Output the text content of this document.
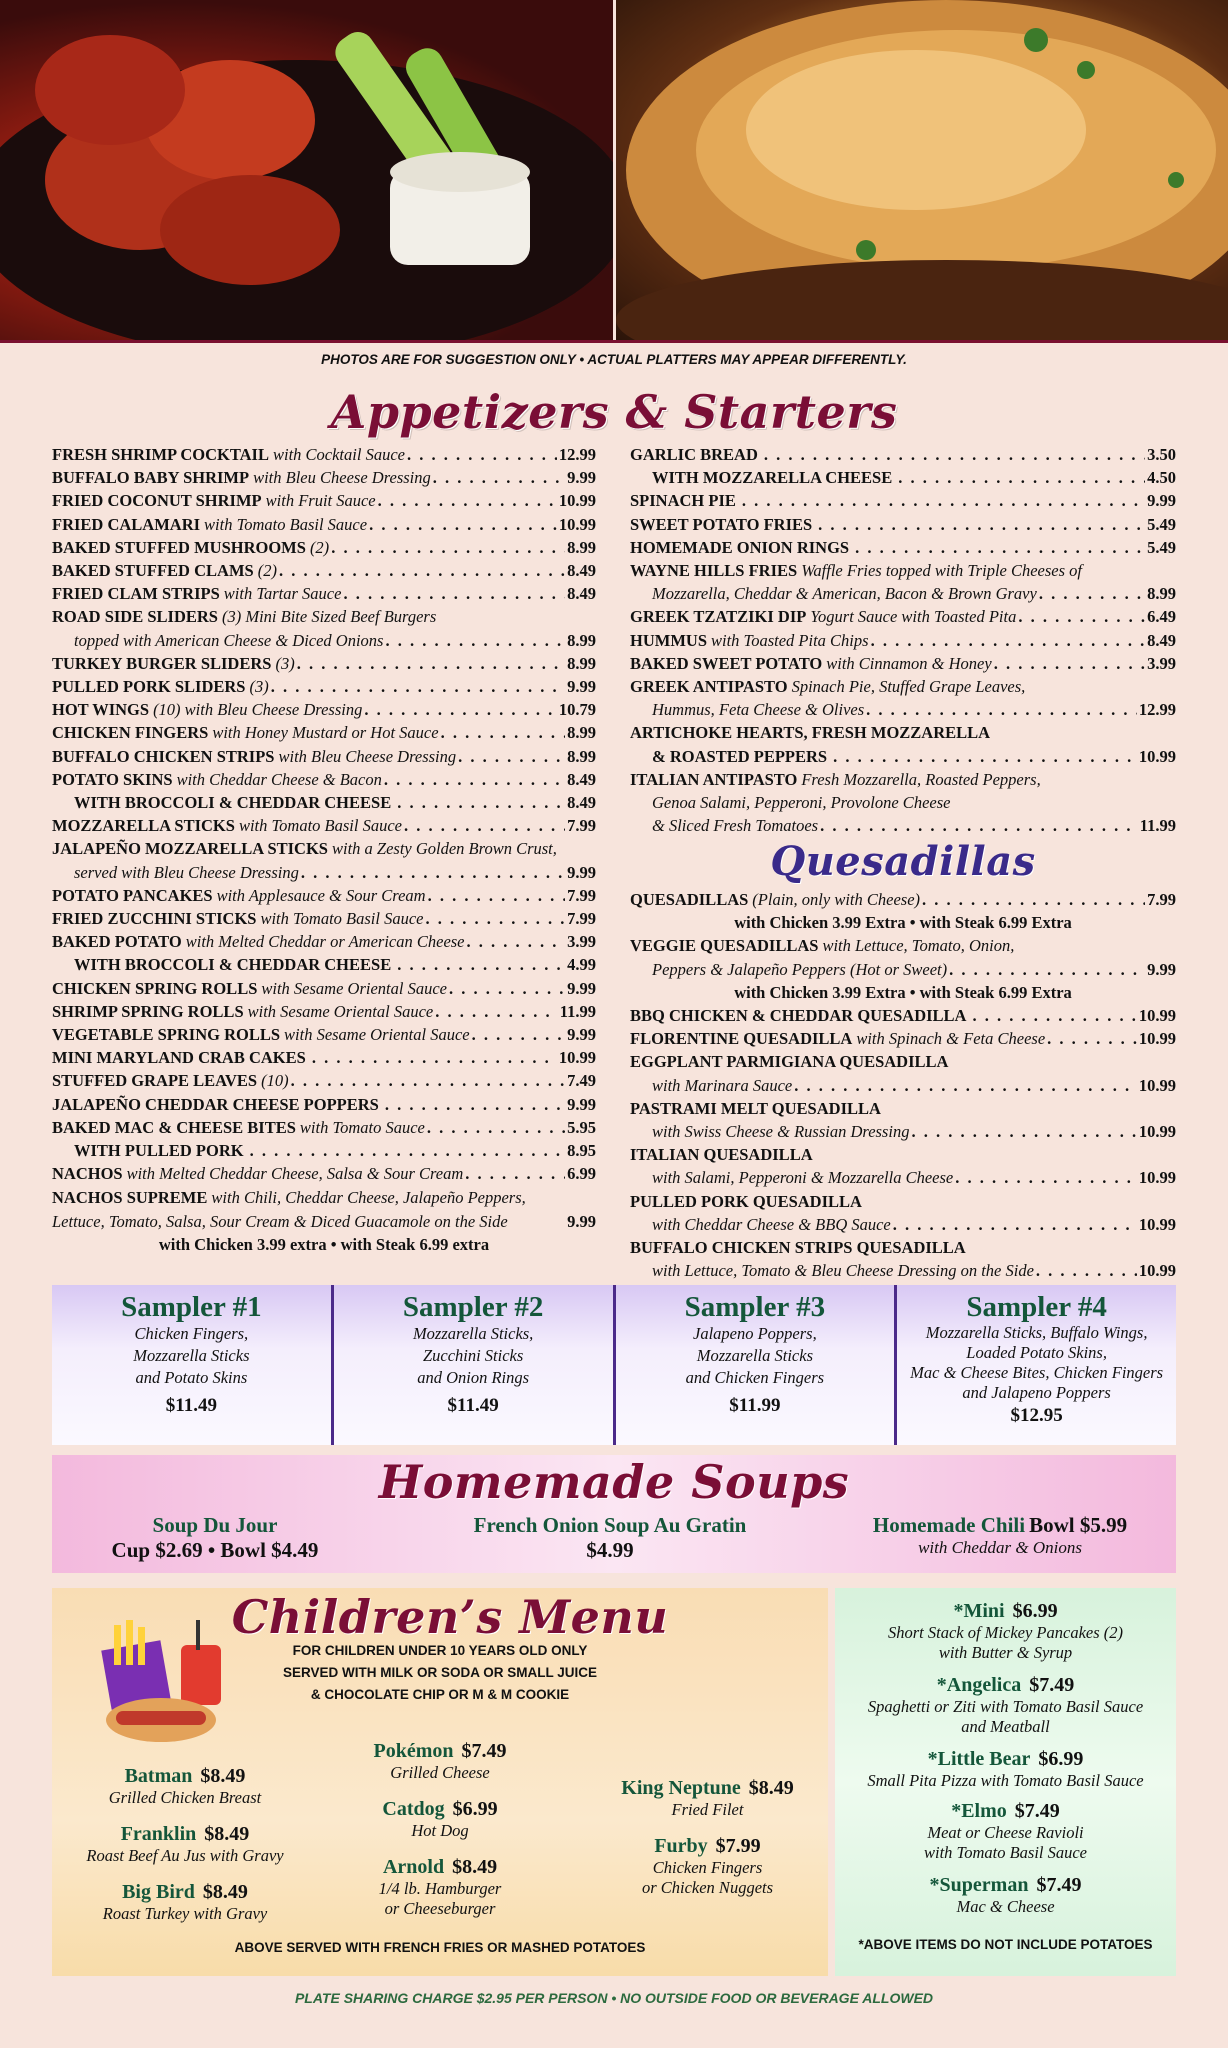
PHOTOS ARE FOR SUGGESTION ONLY • ACTUAL PLATTERS MAY APPEAR DIFFERENTLY.
Appetizers & Starters
FRESH SHRIMP COCKTAIL with Cocktail Sauce . . .	12.99
BUFFALO BABY SHRIMP with Bleu Cheese Dressing . . .	9.99
FRIED COCONUT SHRIMP with Fruit Sauce . . .	10.99
FRIED CALAMARI with Tomato Basil Sauce . . .	10.99
BAKED STUFFED MUSHROOMS (2) . . .	8.99
BAKED STUFFED CLAMS (2) . . .	8.49
FRIED CLAM STRIPS with Tartar Sauce . . .	8.49
ROAD SIDE SLIDERS (3) Mini Bite Sized Beef Burgers
topped with American Cheese & Diced Onions . . .	8.99
TURKEY BURGER SLIDERS (3) . . .	8.99
PULLED PORK SLIDERS (3) . . .	9.99
HOT WINGS (10) with Bleu Cheese Dressing . . .	10.79
CHICKEN FINGERS with Honey Mustard or Hot Sauce . . .	8.99
BUFFALO CHICKEN STRIPS with Bleu Cheese Dressing . . .	8.99
POTATO SKINS with Cheddar Cheese & Bacon . . .	8.49
WITH BROCCOLI & CHEDDAR CHEESE . . .	8.49
MOZZARELLA STICKS with Tomato Basil Sauce . . .	7.99
JALAPEÑO MOZZARELLA STICKS with a Zesty Golden Brown Crust,
served with Bleu Cheese Dressing . . .	9.99
POTATO PANCAKES with Applesauce & Sour Cream . . .	7.99
FRIED ZUCCHINI STICKS with Tomato Basil Sauce . . .	7.99
BAKED POTATO with Melted Cheddar or American Cheese . . .	3.99
WITH BROCCOLI & CHEDDAR CHEESE . . .	4.99
CHICKEN SPRING ROLLS with Sesame Oriental Sauce . . .	9.99
SHRIMP SPRING ROLLS with Sesame Oriental Sauce . . .	11.99
VEGETABLE SPRING ROLLS with Sesame Oriental Sauce . . .	9.99
MINI MARYLAND CRAB CAKES . . .	10.99
STUFFED GRAPE LEAVES (10) . . .	7.49
JALAPEÑO CHEDDAR CHEESE POPPERS . . .	9.99
BAKED MAC & CHEESE BITES with Tomato Sauce . . .	5.95
WITH PULLED PORK . . .	8.95
NACHOS with Melted Cheddar Cheese, Salsa & Sour Cream . . .	6.99
NACHOS SUPREME with Chili, Cheddar Cheese, Jalapeño Peppers,
Lettuce, Tomato, Salsa, Sour Cream & Diced Guacamole on the Side	9.99
with Chicken 3.99 extra • with Steak 6.99 extra
GARLIC BREAD . . .	3.50
WITH MOZZARELLA CHEESE . . .	4.50
SPINACH PIE . . .	9.99
SWEET POTATO FRIES . . .	5.49
HOMEMADE ONION RINGS . . .	5.49
WAYNE HILLS FRIES Waffle Fries topped with Triple Cheeses of
Mozzarella, Cheddar & American, Bacon & Brown Gravy . . .	8.99
GREEK TZATZIKI DIP Yogurt Sauce with Toasted Pita . . .	6.49
HUMMUS with Toasted Pita Chips . . .	8.49
BAKED SWEET POTATO with Cinnamon & Honey . . .	3.99
GREEK ANTIPASTO Spinach Pie, Stuffed Grape Leaves,
Hummus, Feta Cheese & Olives . . .	12.99
ARTICHOKE HEARTS, FRESH MOZZARELLA
& ROASTED PEPPERS . . .	10.99
ITALIAN ANTIPASTO Fresh Mozzarella, Roasted Peppers,
Genoa Salami, Pepperoni, Provolone Cheese
& Sliced Fresh Tomatoes . . .	11.99
Quesadillas
QUESADILLAS (Plain, only with Cheese) . . .	7.99
with Chicken 3.99 Extra • with Steak 6.99 Extra
VEGGIE QUESADILLAS with Lettuce, Tomato, Onion,
Peppers & Jalapeño Peppers (Hot or Sweet) . . .	9.99
with Chicken 3.99 Extra • with Steak 6.99 Extra
BBQ CHICKEN & CHEDDAR QUESADILLA . . .	10.99
FLORENTINE QUESADILLA with Spinach & Feta Cheese . . .	10.99
EGGPLANT PARMIGIANA QUESADILLA
with Marinara Sauce . . .	10.99
PASTRAMI MELT QUESADILLA
with Swiss Cheese & Russian Dressing . . .	10.99
ITALIAN QUESADILLA
with Salami, Pepperoni & Mozzarella Cheese . . .	10.99
PULLED PORK QUESADILLA
with Cheddar Cheese & BBQ Sauce . . .	10.99
BUFFALO CHICKEN STRIPS QUESADILLA
with Lettuce, Tomato & Bleu Cheese Dressing on the Side . . .	10.99
Sampler #1
Chicken Fingers,
Mozzarella Sticks
and Potato Skins
$11.49
Sampler #2
Mozzarella Sticks,
Zucchini Sticks
and Onion Rings
$11.49
Sampler #3
Jalapeno Poppers,
Mozzarella Sticks
and Chicken Fingers
$11.99
Sampler #4
Mozzarella Sticks, Buffalo Wings,
Loaded Potato Skins,
Mac & Cheese Bites, Chicken Fingers
and Jalapeno Poppers
$12.95
Homemade Soups
Soup Du Jour
Cup $2.69 • Bowl $4.49
French Onion Soup Au Gratin
$4.99
Homemade Chili Bowl $5.99
with Cheddar & Onions
Children’s Menu
FOR CHILDREN UNDER 10 YEARS OLD ONLY
SERVED WITH MILK OR SODA OR SMALL JUICE
& CHOCOLATE CHIP OR M & M COOKIE
Batman $8.49
Grilled Chicken Breast
Franklin $8.49
Roast Beef Au Jus with Gravy
Big Bird $8.49
Roast Turkey with Gravy
Pokémon $7.49
Grilled Cheese
Catdog $6.99
Hot Dog
Arnold $8.49
1/4 lb. Hamburger
or Cheeseburger
King Neptune $8.49
Fried Filet
Furby $7.99
Chicken Fingers
or Chicken Nuggets
ABOVE SERVED WITH FRENCH FRIES OR MASHED POTATOES
*Mini $6.99
Short Stack of Mickey Pancakes (2)
with Butter & Syrup
*Angelica $7.49
Spaghetti or Ziti with Tomato Basil Sauce
and Meatball
*Little Bear $6.99
Small Pita Pizza with Tomato Basil Sauce
*Elmo $7.49
Meat or Cheese Ravioli
with Tomato Basil Sauce
*Superman $7.49
Mac & Cheese
*ABOVE ITEMS DO NOT INCLUDE POTATOES
PLATE SHARING CHARGE $2.95 PER PERSON • NO OUTSIDE FOOD OR BEVERAGE ALLOWED
